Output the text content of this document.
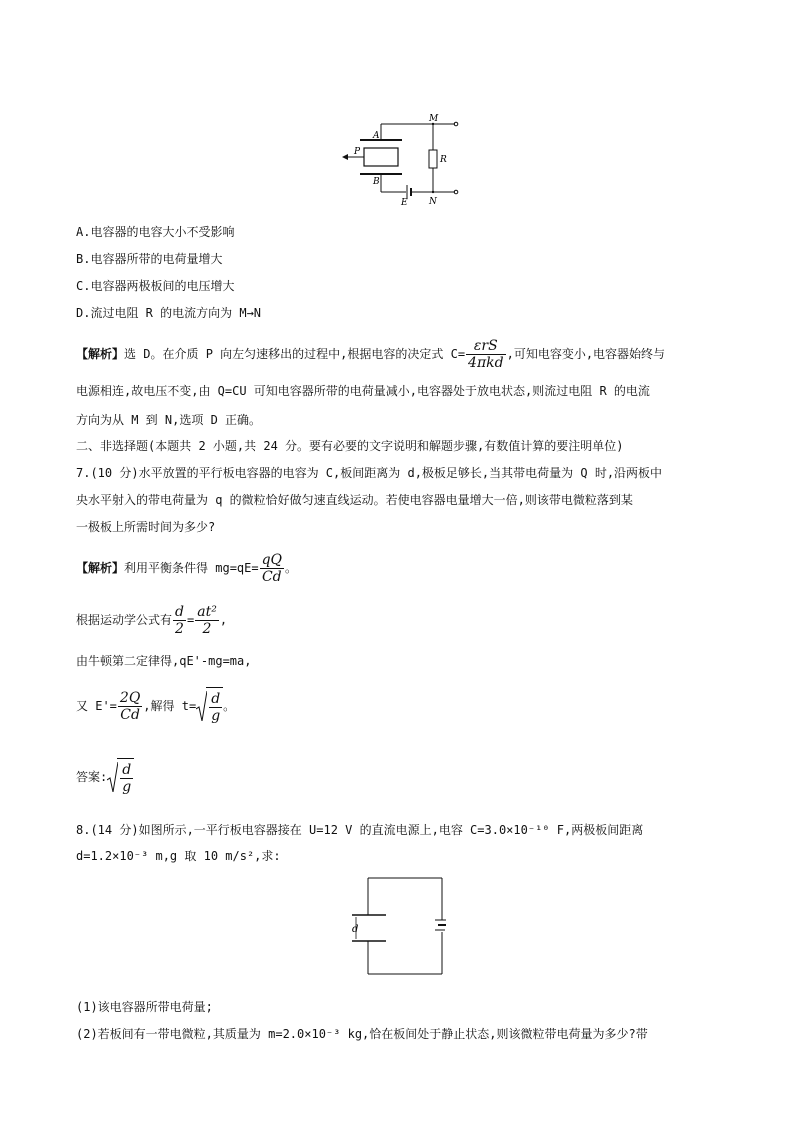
A
B
P
M
N
R
E
A.电容器的电容大小不受影响
B.电容器所带的电荷量增大
C.电容器两极板间的电压增大
D.流过电阻 R 的电流方向为 M→N
【解析】选 D。在介质 P 向左匀速移出的过程中,根据电容的决定式 $C= \frac{\text{εrS}}{\text{4πkd}}$ ,可知电容变小,电容器始终与
电源相连,故电压不变,由 Q=CU 可知电容器所带的电荷量减小,电容器处于放电状态,则流过电阻 R 的电流
方向为从 M 到 N,选项 D 正确。
二、非选择题(本题共 2 小题,共 24 分。要有必要的文字说明和解题步骤,有数值计算的要注明单位)
7.(10 分)水平放置的平行板电容器的电容为 C,板间距离为 d,极板足够长,当其带电荷量为 Q 时,沿两板中
央水平射入的带电荷量为 q 的微粒恰好做匀速直线运动。若使电容器电量增大一倍,则该带电微粒落到某
一极板上所需时间为多少?
【解析】利用平衡条件得 $mg=qE= \frac{qQ}{Cd}$ 。
根据运动学公式有 $\frac{d}{2} = \frac{\text{at²}}{2}$ ,
由牛顿第二定律得,qE'-mg=ma,
又 $E'= \frac{2Q}{Cd}$ ,解得 $t= \frac{d}{g}$ 。
答案: $\frac{d}{g}$
8.(14 分)如图所示,一平行板电容器接在 U=12 V 的直流电源上,电容 C=3.0×10⁻¹⁰ F,两极板间距离
d=1.2×10⁻³ m,g 取 10 m/s²,求:
d
(1)该电容器所带电荷量;
(2)若板间有一带电微粒,其质量为 m=2.0×10⁻³ kg,恰在板间处于静止状态,则该微粒带电荷量为多少?带
